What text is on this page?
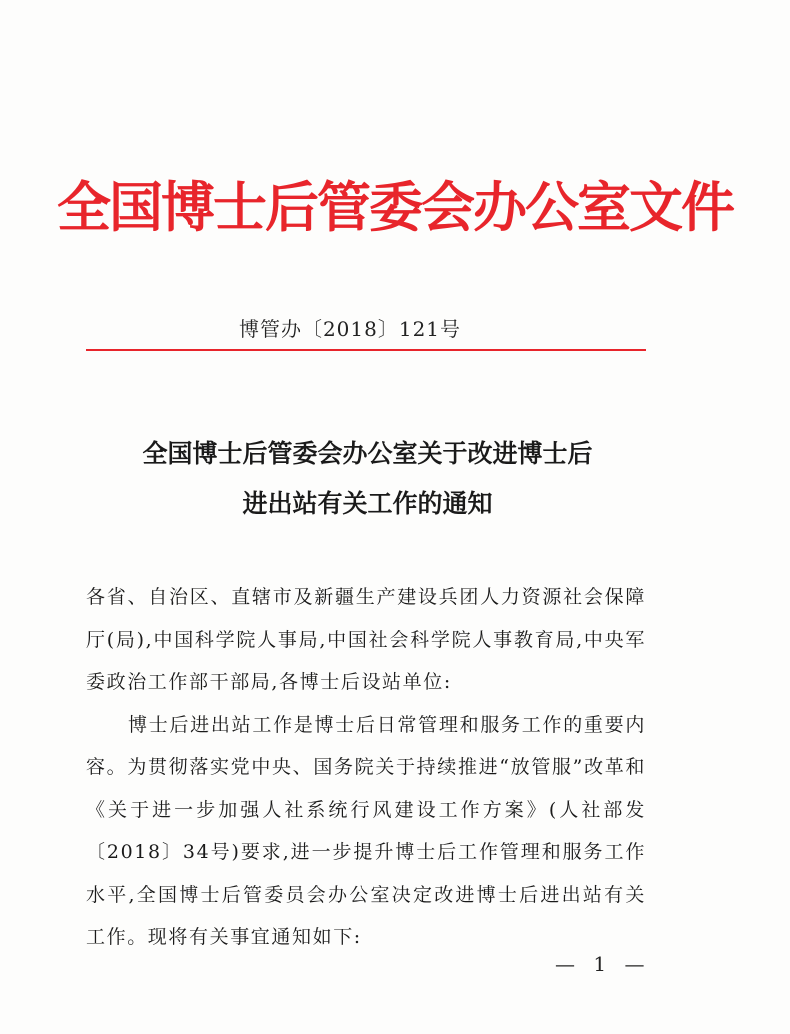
全国博士后管委会办公室文件
博管办〔2018〕121号
全国博士后管委会办公室关于改进博士后
进出站有关工作的通知

各省、自治区、直辖市及新疆生产建设兵团人力资源社会保障厅(局),中国科学院人事局,中国社会科学院人事教育局,中央军委政治工作部干部局,各博士后设站单位:

博士后进出站工作是博士后日常管理和服务工作的重要内容。为贯彻落实党中央、国务院关于持续推进“放管服”改革和《关于进一步加强人社系统行风建设工作方案》(人社部发〔2018〕34号)要求,进一步提升博士后工作管理和服务工作水平,全国博士后管委员会办公室决定改进博士后进出站有关工作。现将有关事宜通知如下:

— 1 —
